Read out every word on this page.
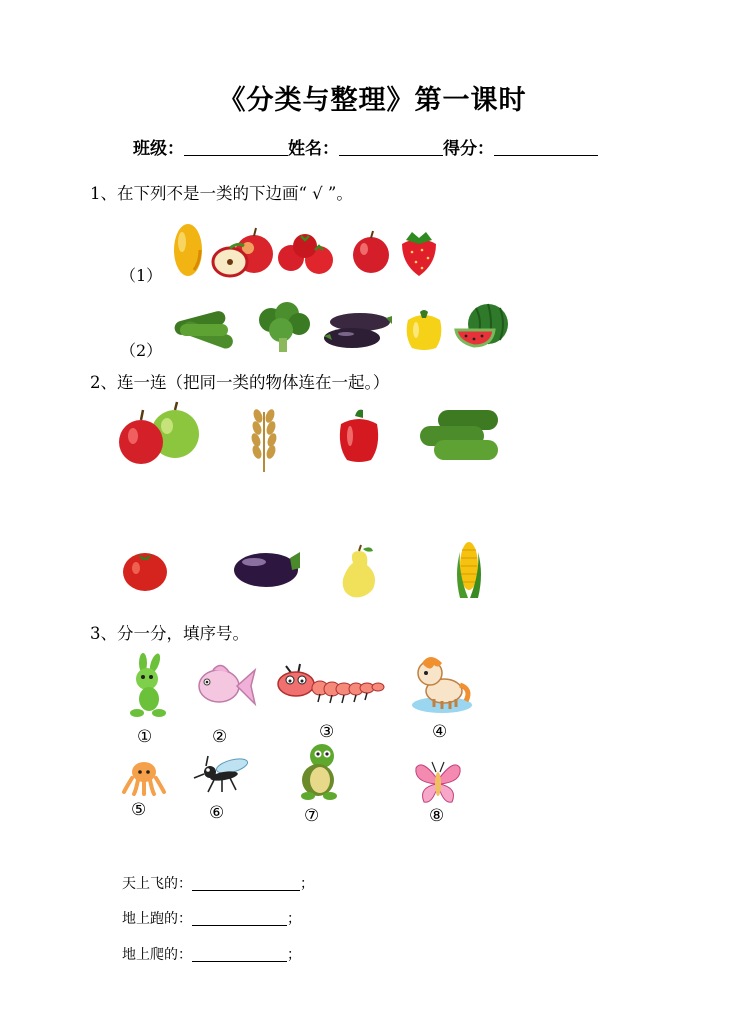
《分类与整理》第一课时
班级：	姓名：	得分：
1、在下列不是一类的下边画“ √ ”。
（1）
（2）
2、连一连（把同一类的物体连在一起。）
3、分一分，填序号。
①	②	③	④
⑤	⑥	⑦	⑧
天上飞的：	；
地上跑的：	；
地上爬的：	；
